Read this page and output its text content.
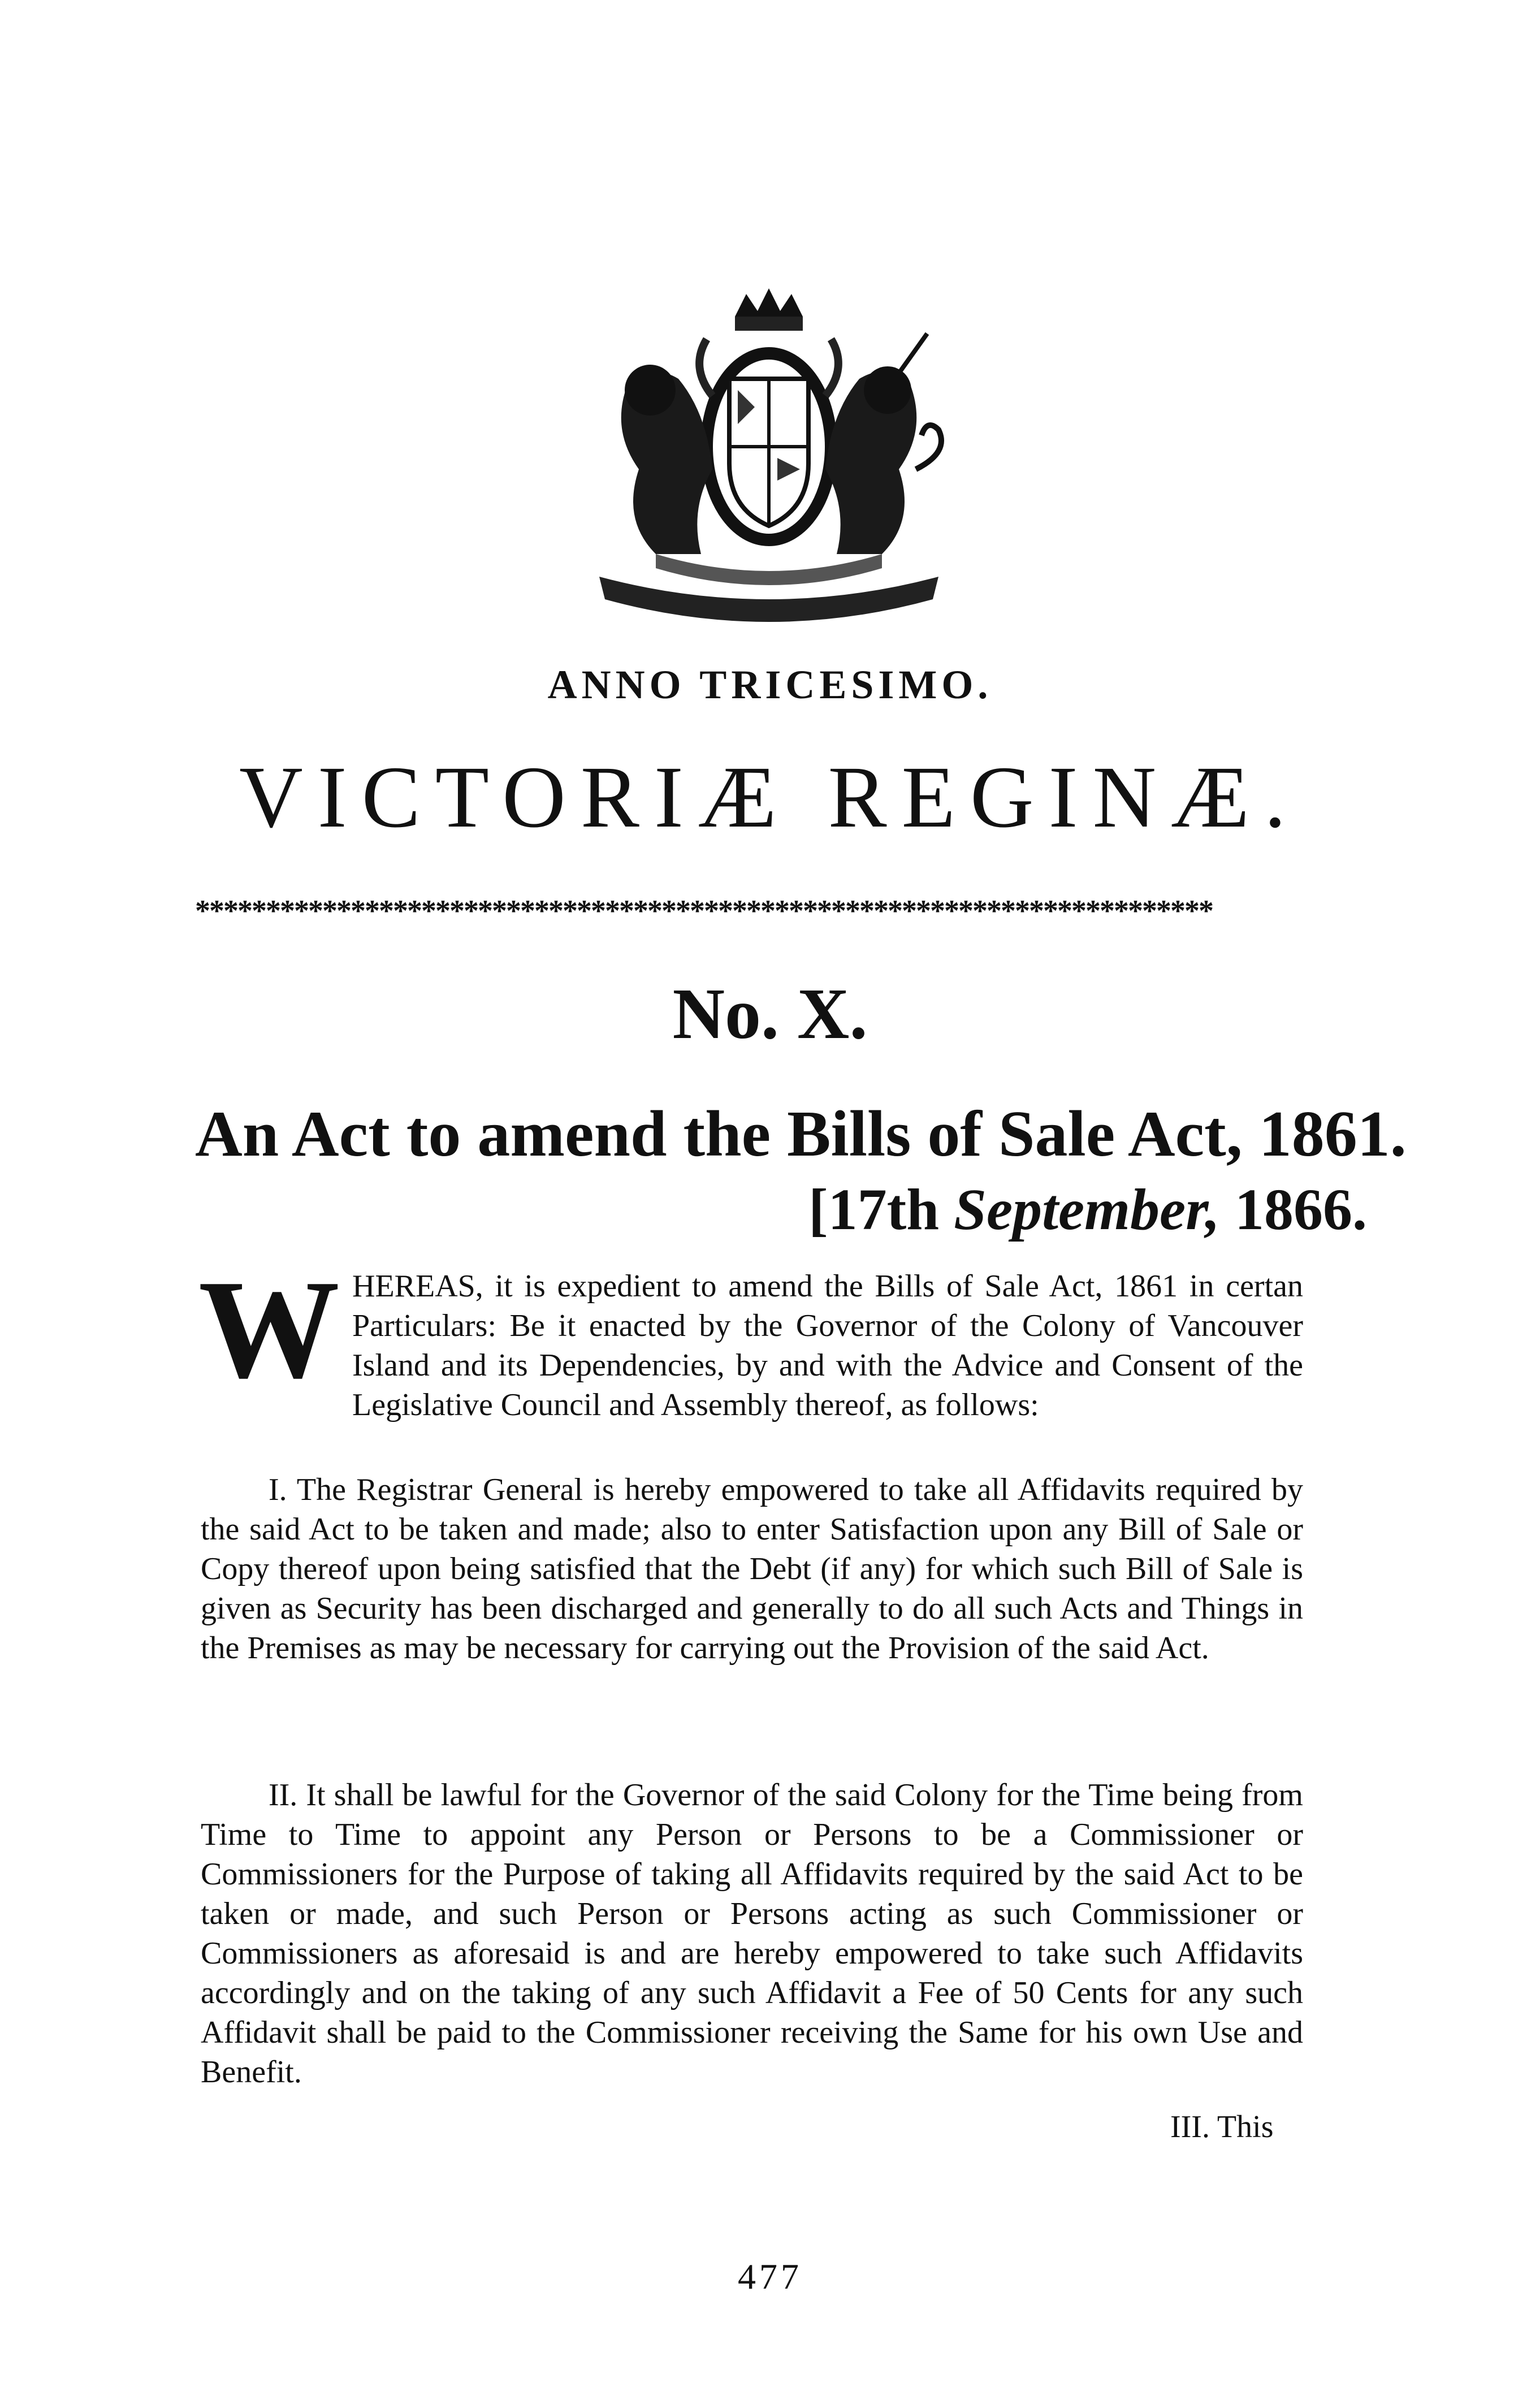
ANNO TRICESIMO.
VICTORIÆ REGINÆ.
************************************************************************
No. X.
An Act to amend the Bills of Sale Act, 1861.
[17th September, 1866.
WHEREAS, it is expedient to amend the Bills of Sale Act, 1861 in certan Particulars: Be it enacted by the Governor of the Colony of Vancouver Island and its Dependencies, by and with the Advice and Consent of the Legislative Council and Assembly thereof, as follows:
I. The Registrar General is hereby empowered to take all Affidavits required by the said Act to be taken and made; also to enter Satisfaction upon any Bill of Sale or Copy thereof upon being satisfied that the Debt (if any) for which such Bill of Sale is given as Security has been discharged and generally to do all such Acts and Things in the Premises as may be necessary for carrying out the Provision of the said Act.
II. It shall be lawful for the Governor of the said Colony for the Time being from Time to Time to appoint any Person or Persons to be a Commissioner or Commissioners for the Purpose of taking all Affidavits required by the said Act to be taken or made, and such Person or Persons acting as such Commissioner or Commissioners as aforesaid is and are hereby empowered to take such Affidavits accordingly and on the taking of any such Affidavit a Fee of 50 Cents for any such Affidavit shall be paid to the Commissioner receiving the Same for his own Use and Benefit.
III. This
477
